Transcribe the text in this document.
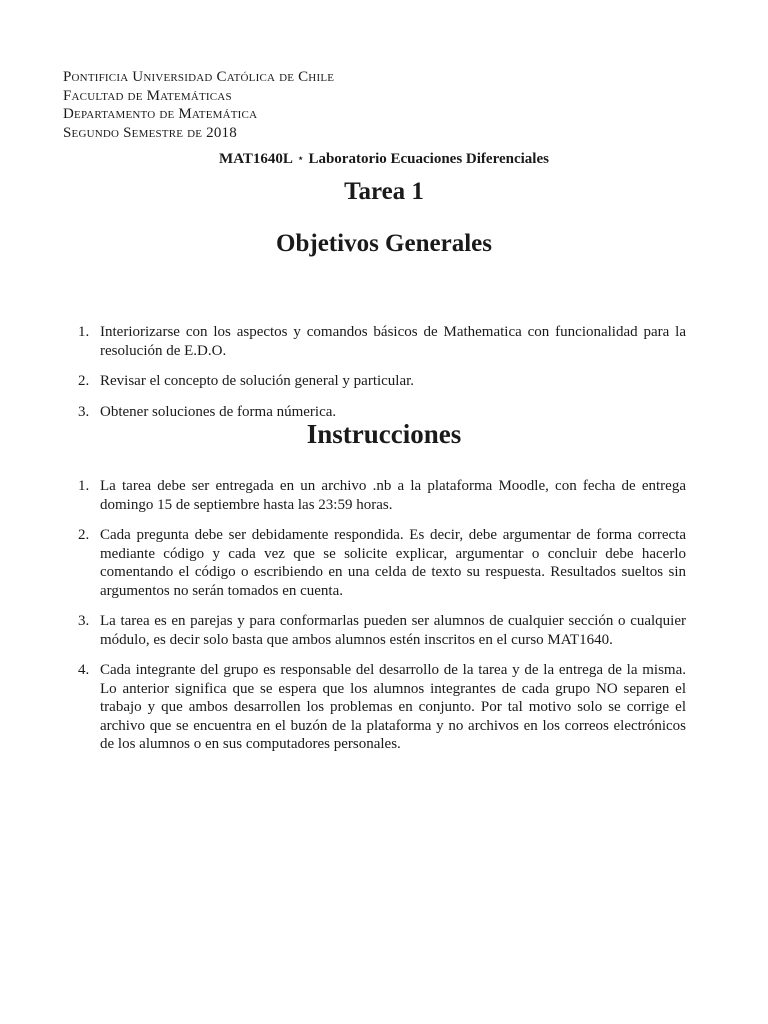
Pontificia Universidad Católica de Chile
Facultad de Matemáticas
Departamento de Matemática
Segundo Semestre de 2018
MAT1640L ⋆ Laboratorio Ecuaciones Diferenciales
Tarea 1
Objetivos Generales
1. Interiorizarse con los aspectos y comandos básicos de Mathematica con funcionalidad para la resolución de E.D.O.
2. Revisar el concepto de solución general y particular.
3. Obtener soluciones de forma númerica.
Instrucciones
1. La tarea debe ser entregada en un archivo .nb a la plataforma Moodle, con fecha de entrega domingo 15 de septiembre hasta las 23:59 horas.
2. Cada pregunta debe ser debidamente respondida. Es decir, debe argumentar de forma correcta mediante código y cada vez que se solicite explicar, argumentar o concluir debe hacerlo comentando el código o escribiendo en una celda de texto su respuesta. Resultados sueltos sin argumentos no serán tomados en cuenta.
3. La tarea es en parejas y para conformarlas pueden ser alumnos de cualquier sección o cualquier módulo, es decir solo basta que ambos alumnos estén inscritos en el curso MAT1640.
4. Cada integrante del grupo es responsable del desarrollo de la tarea y de la entrega de la misma. Lo anterior significa que se espera que los alumnos integrantes de cada grupo NO separen el trabajo y que ambos desarrollen los problemas en conjunto. Por tal motivo solo se corrige el archivo que se encuentra en el buzón de la plataforma y no archivos en los correos electrónicos de los alumnos o en sus computadores personales.
